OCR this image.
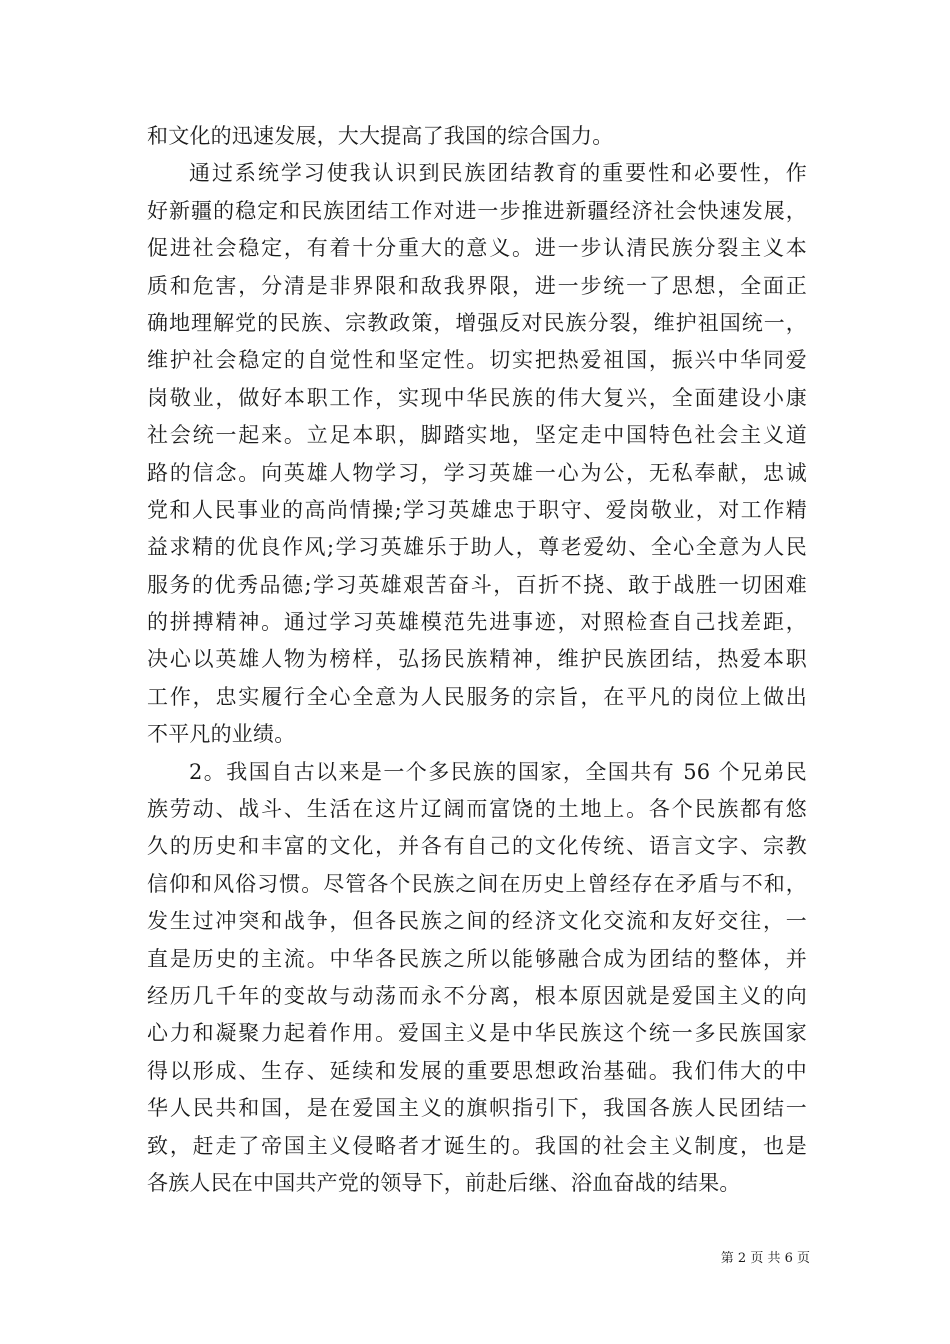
和文化的迅速发展，大大提高了我国的综合国力。
通过系统学习使我认识到民族团结教育的重要性和必要性，作
好新疆的稳定和民族团结工作对进一步推进新疆经济社会快速发展，
促进社会稳定，有着十分重大的意义。进一步认清民族分裂主义本
质和危害，分清是非界限和敌我界限，进一步统一了思想，全面正
确地理解党的民族、宗教政策，增强反对民族分裂，维护祖国统一，
维护社会稳定的自觉性和坚定性。切实把热爱祖国，振兴中华同爱
岗敬业，做好本职工作，实现中华民族的伟大复兴，全面建设小康
社会统一起来。立足本职，脚踏实地，坚定走中国特色社会主义道
路的信念。向英雄人物学习，学习英雄一心为公，无私奉献，忠诚
党和人民事业的高尚情操;学习英雄忠于职守、爱岗敬业，对工作精
益求精的优良作风;学习英雄乐于助人，尊老爱幼、全心全意为人民
服务的优秀品德;学习英雄艰苦奋斗，百折不挠、敢于战胜一切困难
的拼搏精神。通过学习英雄模范先进事迹，对照检查自己找差距，
决心以英雄人物为榜样，弘扬民族精神，维护民族团结，热爱本职
工作，忠实履行全心全意为人民服务的宗旨，在平凡的岗位上做出
不平凡的业绩。
2。我国自古以来是一个多民族的国家，全国共有 56 个兄弟民
族劳动、战斗、生活在这片辽阔而富饶的土地上。各个民族都有悠
久的历史和丰富的文化，并各有自己的文化传统、语言文字、宗教
信仰和风俗习惯。尽管各个民族之间在历史上曾经存在矛盾与不和，
发生过冲突和战争，但各民族之间的经济文化交流和友好交往，一
直是历史的主流。中华各民族之所以能够融合成为团结的整体，并
经历几千年的变故与动荡而永不分离，根本原因就是爱国主义的向
心力和凝聚力起着作用。爱国主义是中华民族这个统一多民族国家
得以形成、生存、延续和发展的重要思想政治基础。我们伟大的中
华人民共和国，是在爱国主义的旗帜指引下，我国各族人民团结一
致，赶走了帝国主义侵略者才诞生的。我国的社会主义制度，也是
各族人民在中国共产党的领导下，前赴后继、浴血奋战的结果。
第 2 页 共 6 页
